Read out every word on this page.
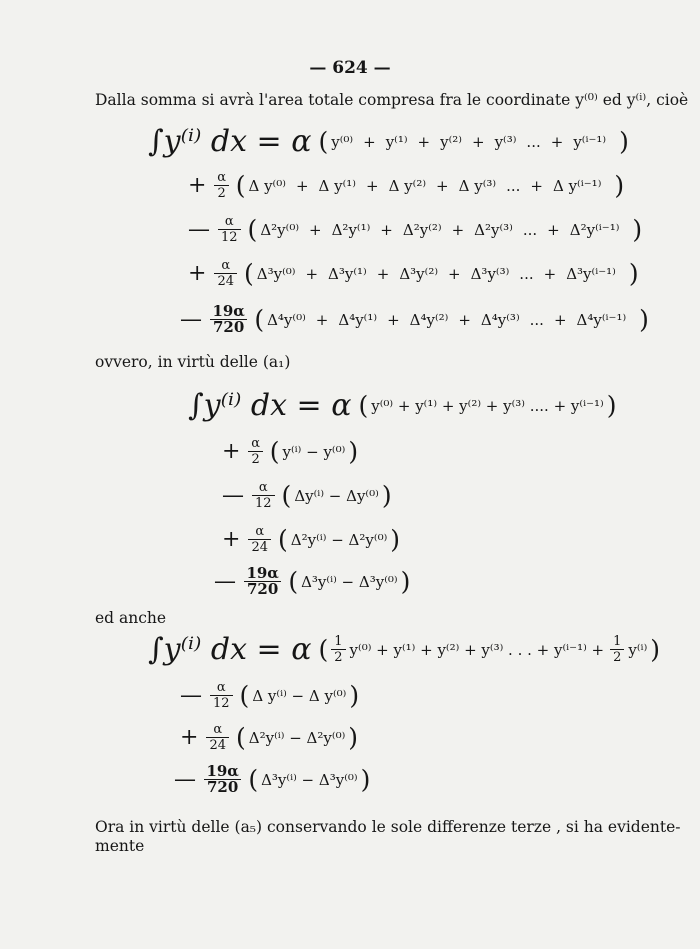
— 624 —
Dalla somma si avrà l'area totale compresa fra le coordinate y⁽⁰⁾ ed y⁽ⁱ⁾, cioè
∫y⁽ⁱ⁾ dx = α ( y⁽⁰⁾ + y⁽¹⁾ + y⁽²⁾ + y⁽³⁾ ... + y⁽ⁱ⁻¹⁾ )
+ $\frac{\alpha}{2}$ ( Δ y⁽⁰⁾ + Δ y⁽¹⁾ + Δ y⁽²⁾ + Δ y⁽³⁾ ... + Δ y⁽ⁱ⁻¹⁾ )
— $\frac{\alpha}{12}$ ( Δ²y⁽⁰⁾ + Δ²y⁽¹⁾ + Δ²y⁽²⁾ + Δ²y⁽³⁾ ... + Δ²y⁽ⁱ⁻¹⁾ )
+ $\frac{\alpha}{24}$ ( Δ³y⁽⁰⁾ + Δ³y⁽¹⁾ + Δ³y⁽²⁾ + Δ³y⁽³⁾ ... + Δ³y⁽ⁱ⁻¹⁾ )
— $\frac{19\alpha}{720}$ ( Δ⁴y⁽⁰⁾ + Δ⁴y⁽¹⁾ + Δ⁴y⁽²⁾ + Δ⁴y⁽³⁾ ... + Δ⁴y⁽ⁱ⁻¹⁾ )
ovvero, in virtù delle (a₁)
∫y⁽ⁱ⁾ dx = α ( y⁽⁰⁾ + y⁽¹⁾ + y⁽²⁾ + y⁽³⁾ .... + y⁽ⁱ⁻¹⁾ )
+ $\frac{\alpha}{2}$ ( y⁽ⁱ⁾ − y⁽⁰⁾ )
— $\frac{\alpha}{12}$ ( Δy⁽ⁱ⁾ − Δy⁽⁰⁾ )
+ $\frac{\alpha}{24}$ ( Δ²y⁽ⁱ⁾ − Δ²y⁽⁰⁾ )
— $\frac{19\alpha}{720}$ ( Δ³y⁽ⁱ⁾ − Δ³y⁽⁰⁾ )
ed anche
∫y⁽ⁱ⁾ dx = α ( $\frac{1}{2} y^{(0)} + y^{(1)} + y^{(2)} + y^{(3)}$ . . . + $y^{(i-1)} + \frac{1}{2} y^{(i)}$ )
— $\frac{\alpha}{12}$ ( Δ y⁽ⁱ⁾ − Δ y⁽⁰⁾ )
+ $\frac{\alpha}{24}$ ( Δ²y⁽ⁱ⁾ − Δ²y⁽⁰⁾ )
— $\frac{19\alpha}{720}$ ( Δ³y⁽ⁱ⁾ − Δ³y⁽⁰⁾ )
Ora in virtù delle (a₅) conservando le sole differenze terze , si ha evidente-
mente
